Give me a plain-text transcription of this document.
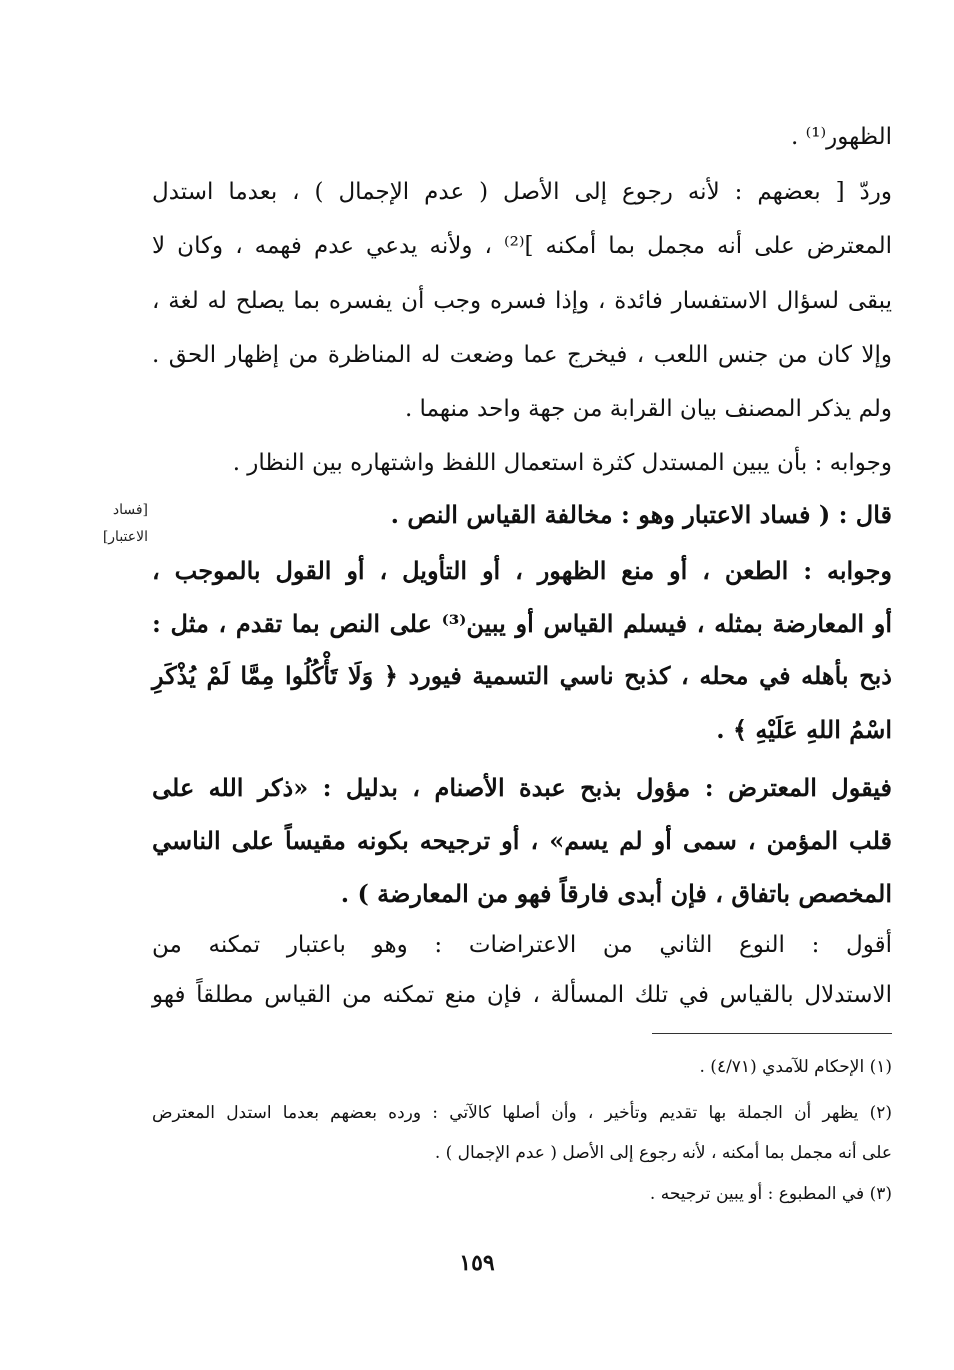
الظهور⁽¹⁾ .
وردّ [ بعضهم : لأنه رجوع إلى الأصل ( عدم الإجمال ) ، بعدما استدل
المعترض على أنه مجمل بما أمكنه ]⁽²⁾ ، ولأنه يدعي عدم فهمه ، وكان لا
يبقى لسؤال الاستفسار فائدة ، وإذا فسره وجب أن يفسره بما يصلح له لغة ،
وإلا كان من جنس اللعب ، فيخرج عما وضعت له المناظرة من إظهار الحق .
ولم يذكر المصنف بيان القرابة من جهة واحد منهما .
وجوابه : بأن يبين المستدل كثرة استعمال اللفظ واشتهاره بين النظار .
قال : ( فساد الاعتبار وهو : مخالفة القياس النص .
وجوابه : الطعن ، أو منع الظهور ، أو التأويل ، أو القول بالموجب ،
أو المعارضة بمثله ، فيسلم القياس أو يبين⁽³⁾ على النص بما تقدم ، مثل :
ذبح بأهله في محله ، كذبح ناسي التسمية فيورد ﴿ وَلَا تَأْكُلُوا مِمَّا لَمْ يُذْكَرِ
اسْمُ اللهِ عَلَيْهِ ﴾ .
فيقول المعترض : مؤول بذبح عبدة الأصنام ، بدليل : «ذكر الله على
قلب المؤمن ، سمى أو لم يسم» ، أو ترجيحه بكونه مقيساً على الناسي
المخصص باتفاق ، فإن أبدى فارقاً فهو من المعارضة ) .
أقول : النوع الثاني من الاعتراضات : وهو باعتبار تمكنه من
الاستدلال بالقياس في تلك المسألة ، فإن منع تمكنه من القياس مطلقاً فهو
[فساد
الاعتبار]
(١) الإحكام للآمدي (٤/٧١) .
(٢) يظهر أن الجملة بها تقديم وتأخير ، وأن أصلها كالآتي : ورده بعضهم بعدما استدل المعترض
على أنه مجمل بما أمكنه ، لأنه رجوع إلى الأصل ( عدم الإجمال ) .
(٣) في المطبوع : أو يبين ترجيحه .
١٥٩
